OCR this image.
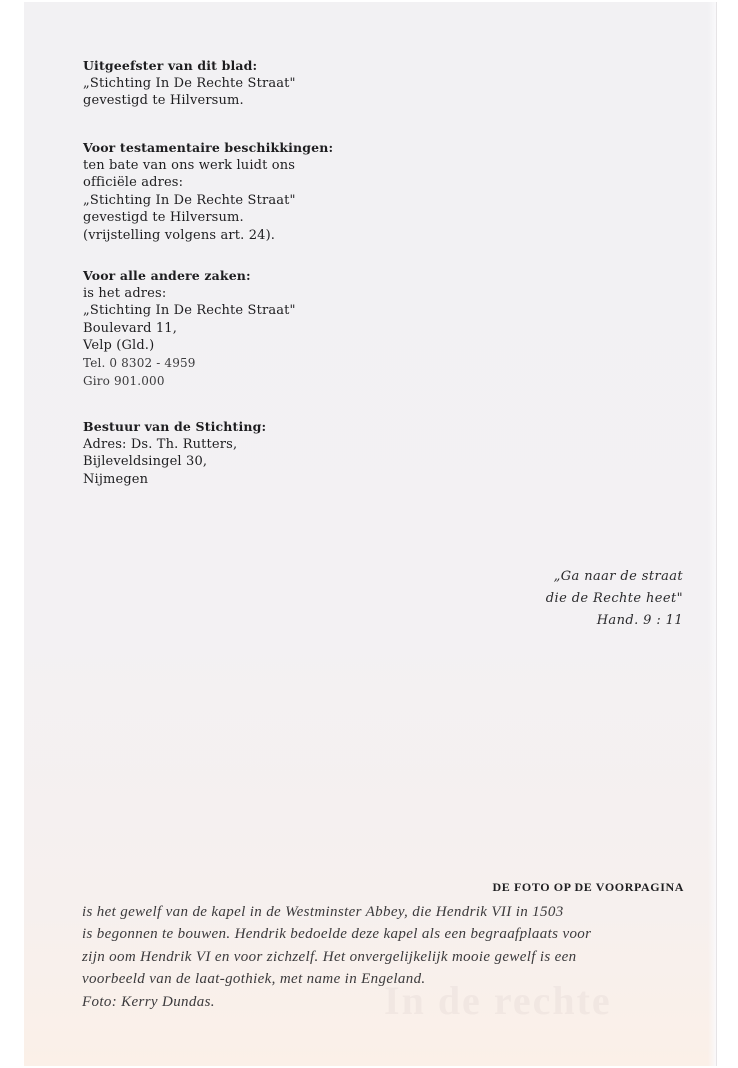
Uitgeefster van dit blad:
„Stichting In De Rechte Straat"
gevestigd te Hilversum.
Voor testamentaire beschikkingen:
ten bate van ons werk luidt ons
officiële adres:
„Stichting In De Rechte Straat"
gevestigd te Hilversum.
(vrijstelling volgens art. 24).
Voor alle andere zaken:
is het adres:
„Stichting In De Rechte Straat"
Boulevard 11,
Velp (Gld.)
Tel. 0 8302 - 4959
Giro 901.000
Bestuur van de Stichting:
Adres: Ds. Th. Rutters,
Bijleveldsingel 30,
Nijmegen
„Ga naar de straat
die de Rechte heet"
Hand. 9 : 11
In de rechte
DE FOTO OP DE VOORPAGINA
is het gewelf van de kapel in de Westminster Abbey, die Hendrik VII in 1503
is begonnen te bouwen. Hendrik bedoelde deze kapel als een begraafplaats voor
zijn oom Hendrik VI en voor zichzelf. Het onvergelijkelijk mooie gewelf is een
voorbeeld van de laat-gothiek, met name in Engeland.
Foto: Kerry Dundas.
